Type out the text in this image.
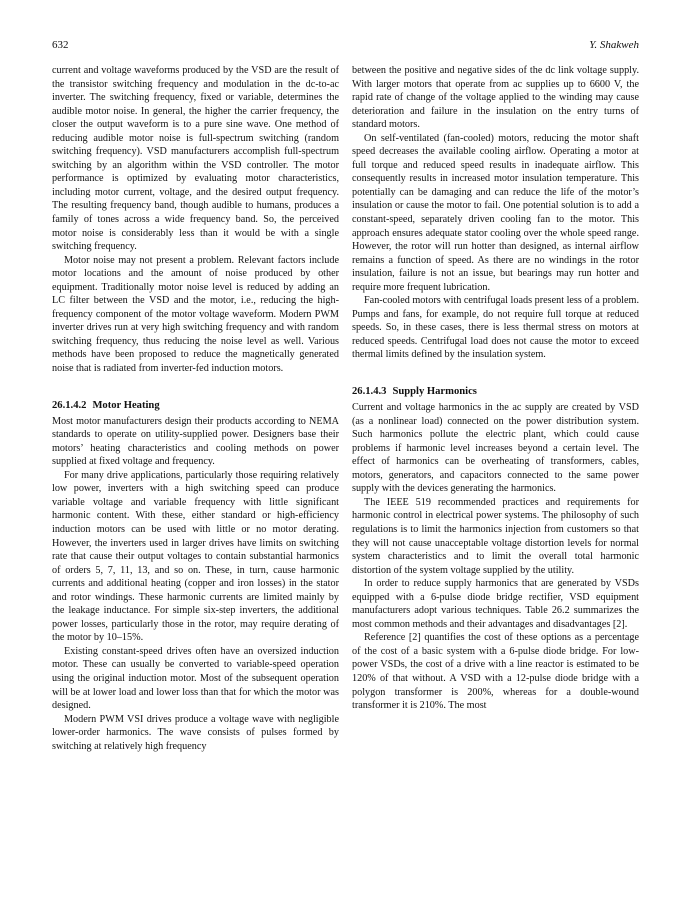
632	Y. Shakweh

current and voltage waveforms produced by the VSD are the result of the transistor switching frequency and modulation in the dc-to-ac inverter. The switching frequency, fixed or variable, determines the audible motor noise. In general, the higher the carrier frequency, the closer the output waveform is to a pure sine wave. One method of reducing audible motor noise is full-spectrum switching (random switching frequency). VSD manufacturers accomplish full-spectrum switching by an algorithm within the VSD controller. The motor performance is optimized by evaluating motor characteristics, including motor current, voltage, and the desired output frequency. The resulting frequency band, though audible to humans, produces a family of tones across a wide frequency band. So, the perceived motor noise is considerably less than it would be with a single switching frequency.

Motor noise may not present a problem. Relevant factors include motor locations and the amount of noise produced by other equipment. Traditionally motor noise level is reduced by adding an LC filter between the VSD and the motor, i.e., reducing the high-frequency component of the motor voltage waveform. Modern PWM inverter drives run at very high switching frequency and with random switching frequency, thus reducing the noise level as well. Various methods have been proposed to reduce the magnetically generated noise that is radiated from inverter-fed induction motors.

26.1.4.2 Motor Heating

Most motor manufacturers design their products according to NEMA standards to operate on utility-supplied power. Designers base their motors’ heating characteristics and cooling methods on power supplied at fixed voltage and frequency.

For many drive applications, particularly those requiring relatively low power, inverters with a high switching speed can produce variable voltage and variable frequency with little significant harmonic content. With these, either standard or high-efficiency induction motors can be used with little or no motor derating. However, the inverters used in larger drives have limits on switching rate that cause their output voltages to contain substantial harmonics of orders 5, 7, 11, 13, and so on. These, in turn, cause harmonic currents and additional heating (copper and iron losses) in the stator and rotor windings. These harmonic currents are limited mainly by the leakage inductance. For simple six-step inverters, the additional power losses, particularly those in the rotor, may require derating of the motor by 10–15%.

Existing constant-speed drives often have an oversized induction motor. These can usually be converted to variable-speed operation using the original induction motor. Most of the subsequent operation will be at lower load and lower loss than that for which the motor was designed.

Modern PWM VSI drives produce a voltage wave with negligible lower-order harmonics. The wave consists of pulses formed by switching at relatively high frequency

between the positive and negative sides of the dc link voltage supply. With larger motors that operate from ac supplies up to 6600 V, the rapid rate of change of the voltage applied to the winding may cause deterioration and failure in the insulation on the entry turns of standard motors.

On self-ventilated (fan-cooled) motors, reducing the motor shaft speed decreases the available cooling airflow. Operating a motor at full torque and reduced speed results in inadequate airflow. This consequently results in increased motor insulation temperature. This potentially can be damaging and can reduce the life of the motor’s insulation or cause the motor to fail. One potential solution is to add a constant-speed, separately driven cooling fan to the motor. This approach ensures adequate stator cooling over the whole speed range. However, the rotor will run hotter than designed, as internal airflow remains a function of speed. As there are no windings in the rotor insulation, failure is not an issue, but bearings may run hotter and require more frequent lubrication.

Fan-cooled motors with centrifugal loads present less of a problem. Pumps and fans, for example, do not require full torque at reduced speeds. So, in these cases, there is less thermal stress on motors at reduced speeds. Centrifugal load does not cause the motor to exceed thermal limits defined by the insulation system.

26.1.4.3 Supply Harmonics

Current and voltage harmonics in the ac supply are created by VSD (as a nonlinear load) connected on the power distribution system. Such harmonics pollute the electric plant, which could cause problems if harmonic level increases beyond a certain level. The effect of harmonics can be overheating of transformers, cables, motors, generators, and capacitors connected to the same power supply with the devices generating the harmonics.

The IEEE 519 recommended practices and requirements for harmonic control in electrical power systems. The philosophy of such regulations is to limit the harmonics injection from customers so that they will not cause unacceptable voltage distortion levels for normal system characteristics and to limit the overall total harmonic distortion of the system voltage supplied by the utility.

In order to reduce supply harmonics that are generated by VSDs equipped with a 6-pulse diode bridge rectifier, VSD equipment manufacturers adopt various techniques. Table 26.2 summarizes the most common methods and their advantages and disadvantages [2].

Reference [2] quantifies the cost of these options as a percentage of the cost of a basic system with a 6-pulse diode bridge. For low-power VSDs, the cost of a drive with a line reactor is estimated to be 120% of that without. A VSD with a 12-pulse diode bridge with a polygon transformer is 200%, whereas for a double-wound transformer it is 210%. The most
